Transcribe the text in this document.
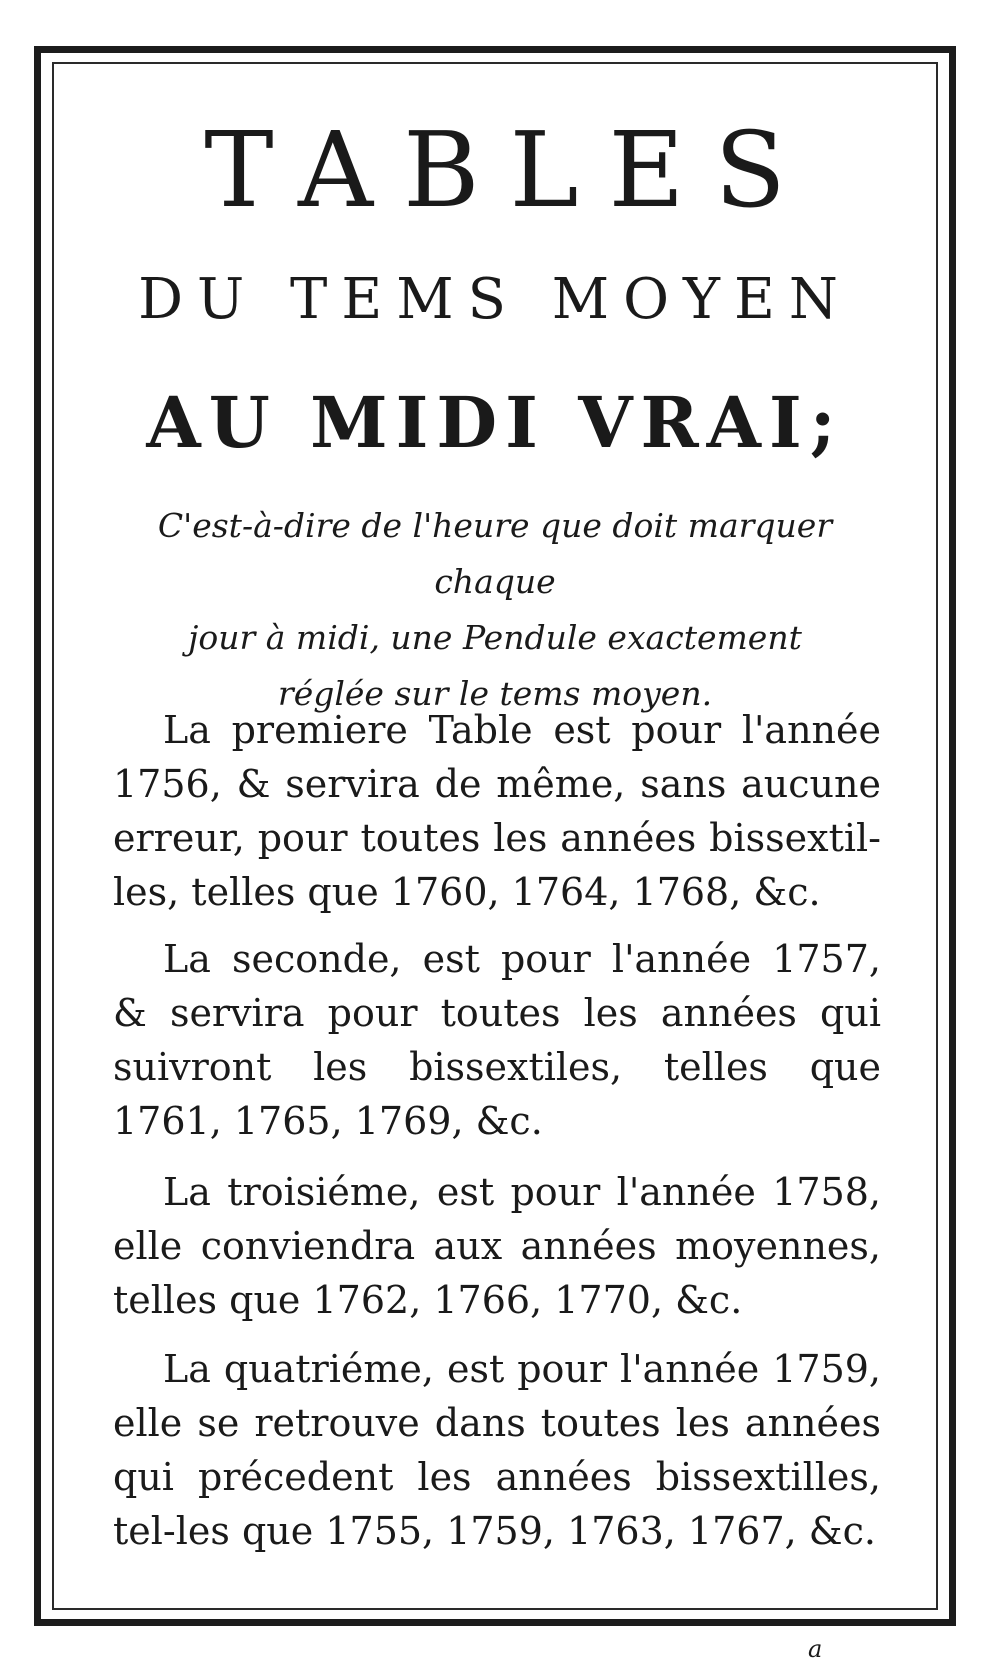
TABLES
DU TEMS MOYEN
AU MIDI VRAI;

C'est-à-dire de l'heure que doit marquer chaque
jour à midi, une Pendule exactement
réglée sur le tems moyen.

La premiere Table est pour l'année 1756, & servira de même, sans aucune erreur, pour toutes les années bissextil-les, telles que 1760, 1764, 1768, &c.

La seconde, est pour l'année 1757, & servira pour toutes les années qui suivront les bissextiles, telles que 1761, 1765, 1769, &c.

La troisiéme, est pour l'année 1758, elle conviendra aux années moyennes, telles que 1762, 1766, 1770, &c.

La quatriéme, est pour l'année 1759, elle se retrouve dans toutes les années qui précedent les années bissextilles, tel-les que 1755, 1759, 1763, 1767, &c.

a
